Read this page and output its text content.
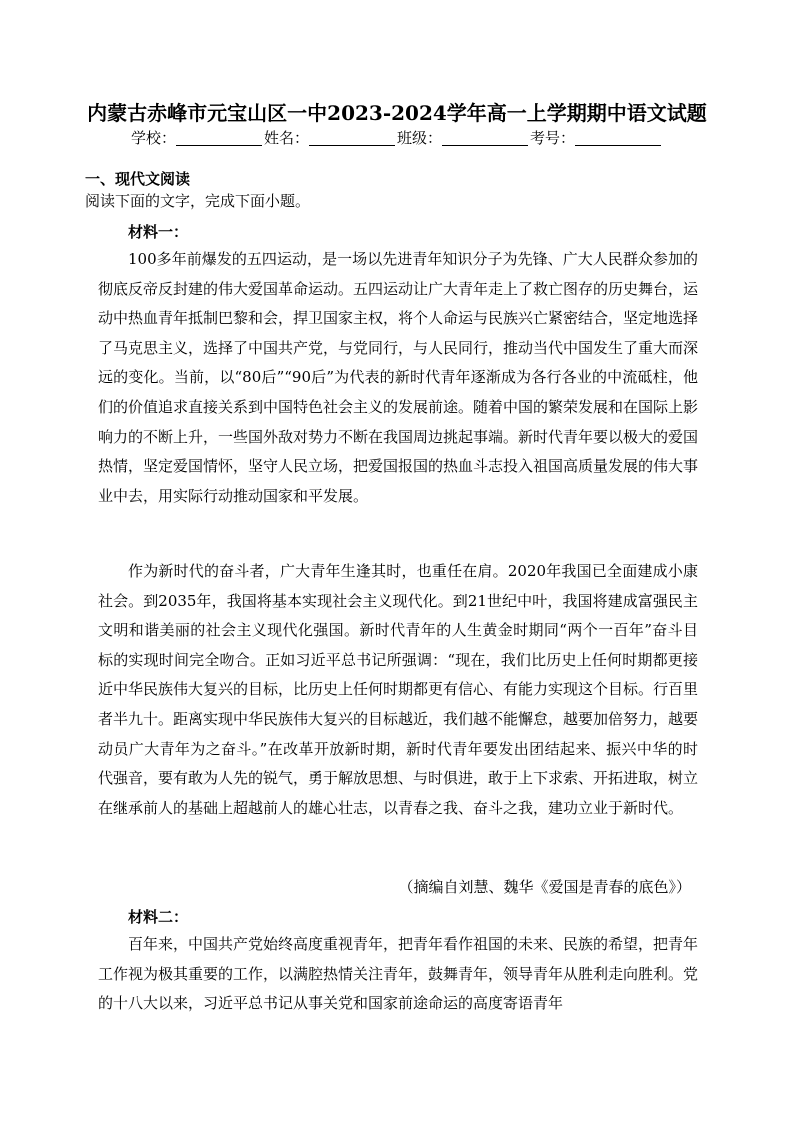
内蒙古赤峰市元宝山区一中2023-2024学年高一上学期期中语文试题
学校：	姓名：	班级：	考号：
一、现代文阅读
阅读下面的文字，完成下面小题。
材料一：

100多年前爆发的五四运动，是一场以先进青年知识分子为先锋、广大人民群众参加的彻底反帝反封建的伟大爱国革命运动。五四运动让广大青年走上了救亡图存的历史舞台，运动中热血青年抵制巴黎和会，捍卫国家主权，将个人命运与民族兴亡紧密结合，坚定地选择了马克思主义，选择了中国共产党，与党同行，与人民同行，推动当代中国发生了重大而深远的变化。当前，以“80后”“90后”为代表的新时代青年逐渐成为各行各业的中流砥柱，他们的价值追求直接关系到中国特色社会主义的发展前途。随着中国的繁荣发展和在国际上影响力的不断上升，一些国外敌对势力不断在我国周边挑起事端。新时代青年要以极大的爱国热情，坚定爱国情怀，坚守人民立场，把爱国报国的热血斗志投入祖国高质量发展的伟大事业中去，用实际行动推动国家和平发展。

作为新时代的奋斗者，广大青年生逢其时，也重任在肩。2020年我国已全面建成小康社会。到2035年，我国将基本实现社会主义现代化。到21世纪中叶，我国将建成富强民主文明和谐美丽的社会主义现代化强国。新时代青年的人生黄金时期同“两个一百年”奋斗目标的实现时间完全吻合。正如习近平总书记所强调：“现在，我们比历史上任何时期都更接近中华民族伟大复兴的目标，比历史上任何时期都更有信心、有能力实现这个目标。行百里者半九十。距离实现中华民族伟大复兴的目标越近，我们越不能懈怠，越要加倍努力，越要动员广大青年为之奋斗。”在改革开放新时期，新时代青年要发出团结起来、振兴中华的时代强音，要有敢为人先的锐气，勇于解放思想、与时俱进，敢于上下求索、开拓进取，树立在继承前人的基础上超越前人的雄心壮志，以青春之我、奋斗之我，建功立业于新时代。

（摘编自刘慧、魏华《爱国是青春的底色》）
材料二：

百年来，中国共产党始终高度重视青年，把青年看作祖国的未来、民族的希望，把青年工作视为极其重要的工作，以满腔热情关注青年，鼓舞青年，领导青年从胜利走向胜利。党的十八大以来，习近平总书记从事关党和国家前途命运的高度寄语青年
